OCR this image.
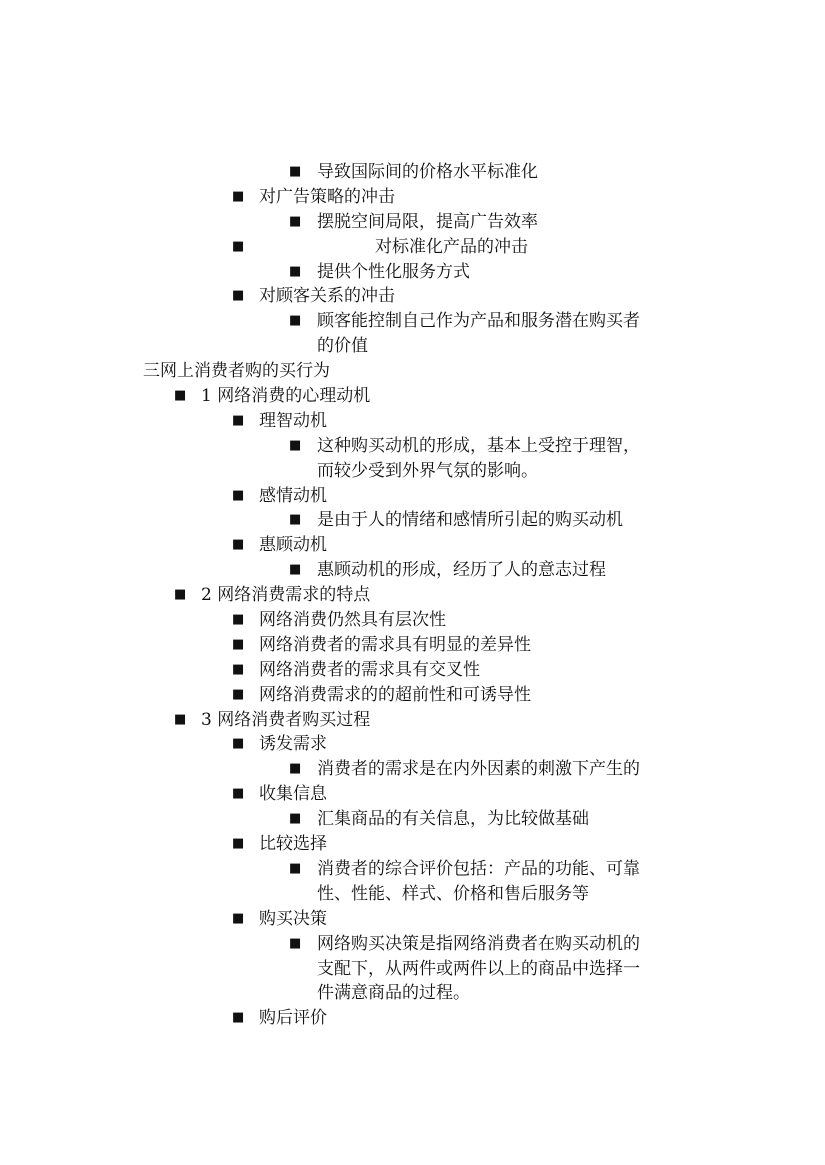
■ 导致国际间的价格水平标准化
■ 对广告策略的冲击
■ 摆脱空间局限，提高广告效率
■	对标准化产品的冲击
■ 提供个性化服务方式
■ 对顾客关系的冲击
■ 顾客能控制自己作为产品和服务潜在购买者
的价值
三网上消费者购的买行为
■ 1 网络消费的心理动机
■ 理智动机
■ 这种购买动机的形成，基本上受控于理智，
而较少受到外界气氛的影响。
■ 感情动机
■ 是由于人的情绪和感情所引起的购买动机
■ 惠顾动机
■ 惠顾动机的形成，经历了人的意志过程
■ 2 网络消费需求的特点
■ 网络消费仍然具有层次性
■ 网络消费者的需求具有明显的差异性
■ 网络消费者的需求具有交叉性
■ 网络消费需求的的超前性和可诱导性
■ 3 网络消费者购买过程
■ 诱发需求
■ 消费者的需求是在内外因素的刺激下产生的
■ 收集信息
■ 汇集商品的有关信息，为比较做基础
■ 比较选择
■ 消费者的综合评价包括：产品的功能、可靠
性、性能、样式、价格和售后服务等
■ 购买决策
■ 网络购买决策是指网络消费者在购买动机的
支配下，从两件或两件以上的商品中选择一
件满意商品的过程。
■ 购后评价
